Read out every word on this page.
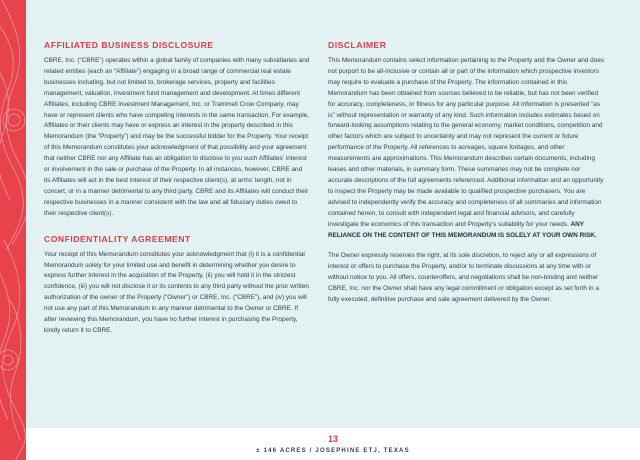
AFFILIATED BUSINESS DISCLOSURE

CBRE, Inc. (“CBRE”) operates within a global family of companies with many subsidiaries and related entities (each an “Affiliate”) engaging in a broad range of commercial real estate businesses including, but not limited to, brokerage services, property and facilities management, valuation, investment fund management and development. At times different Affiliates, including CBRE Investment Management, Inc. or Trammell Crow Company, may have or represent clients who have competing interests in the same transaction. For example, Affiliates or their clients may have or express an interest in the property described in this Memorandum (the “Property”) and may be the successful bidder for the Property. Your receipt of this Memorandum constitutes your acknowledgment of that possibility and your agreement that neither CBRE nor any Affiliate has an obligation to disclose to you such Affiliates’ interest or involvement in the sale or purchase of the Property. In all instances, however, CBRE and its Affiliates will act in the best interest of their respective client(s), at arms’ length, not in concert, or in a manner detrimental to any third party. CBRE and its Affiliates will conduct their respective businesses in a manner consistent with the law and all fiduciary duties owed to their respective client(s).

CONFIDENTIALITY AGREEMENT

Your receipt of this Memorandum constitutes your acknowledgment that (i) it is a confidential Memorandum solely for your limited use and benefit in determining whether you desire to express further interest in the acquisition of the Property, (ii) you will hold it in the strictest confidence, (iii) you will not disclose it or its contents to any third party without the prior written authorization of the owner of the Property (“Owner”) or CBRE, Inc. (“CBRE”), and (iv) you will not use any part of this Memorandum in any manner detrimental to the Owner or CBRE. If after reviewing this Memorandum, you have no further interest in purchasing the Property, kindly return it to CBRE.

DISCLAIMER

This Memorandum contains select information pertaining to the Property and the Owner and does not purport to be all-inclusive or contain all or part of the information which prospective investors may require to evaluate a purchase of the Property. The information contained in this Memorandum has been obtained from sources believed to be reliable, but has not been verified for accuracy, completeness, or fitness for any particular purpose. All information is presented “as is” without representation or warranty of any kind. Such information includes estimates based on forward-looking assumptions relating to the general economy, market conditions, competition and other factors which are subject to uncertainty and may not represent the current or future performance of the Property. All references to acreages, square footages, and other measurements are approximations. This Memorandum describes certain documents, including leases and other materials, in summary form. These summaries may not be complete nor accurate descriptions of the full agreements referenced. Additional information and an opportunity to inspect the Property may be made available to qualified prospective purchasers. You are advised to independently verify the accuracy and completeness of all summaries and information contained herein, to consult with independent legal and financial advisors, and carefully investigate the economics of this transaction and Property’s suitability for your needs. ANY RELIANCE ON THE CONTENT OF THIS MEMORANDUM IS SOLELY AT YOUR OWN RISK.

The Owner expressly reserves the right, at its sole discretion, to reject any or all expressions of interest or offers to purchase the Property, and/or to terminate discussions at any time with or without notice to you. All offers, counteroffers, and negotiations shall be non-binding and neither CBRE, Inc. nor the Owner shall have any legal commitment or obligation except as set forth in a fully executed, definitive purchase and sale agreement delivered by the Owner.

13
± 146 ACRES / JOSEPHINE ETJ, TEXAS
